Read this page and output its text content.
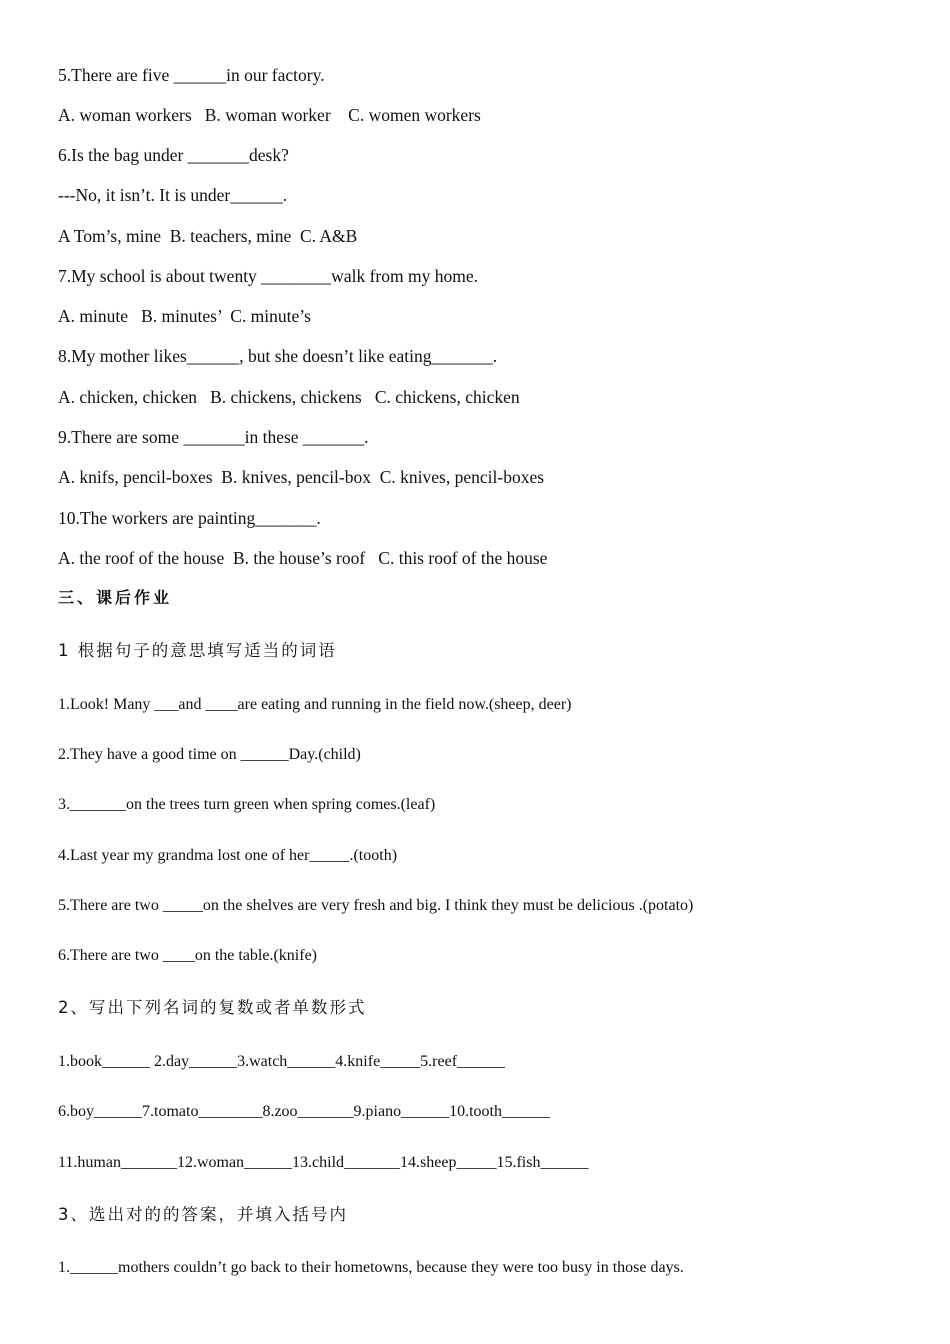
5.There are five ______in our factory.
A. woman workers   B. woman worker    C. women workers
6.Is the bag under _______desk?
---No, it isn’t. It is under______.
A Tom’s, mine  B. teachers, mine  C. A&B
7.My school is about twenty ________walk from my home.
A. minute   B. minutes’  C. minute’s
8.My mother likes______, but she doesn’t like eating_______.
A. chicken, chicken   B. chickens, chickens   C. chickens, chicken
9.There are some _______in these _______.
A. knifs, pencil-boxes  B. knives, pencil-box  C. knives, pencil-boxes
10.The workers are painting_______.
A. the roof of the house  B. the house’s roof   C. this roof of the house
三、课后作业
1 根据句子的意思填写适当的词语
1.Look! Many ___and ____are eating and running in the field now.(sheep, deer)
2.They have a good time on ______Day.(child)
3._______on the trees turn green when spring comes.(leaf)
4.Last year my grandma lost one of her_____.(tooth)
5.There are two _____on the shelves are very fresh and big. I think they must be delicious .(potato)
6.There are two ____on the table.(knife)
2、写出下列名词的复数或者单数形式
1.book______ 2.day______3.watch______4.knife_____5.reef______
6.boy______7.tomato________8.zoo_______9.piano______10.tooth______
11.human_______12.woman______13.child_______14.sheep_____15.fish______
3、选出对的的答案，并填入括号内
1.______mothers couldn’t go back to their hometowns, because they were too busy in those days.
